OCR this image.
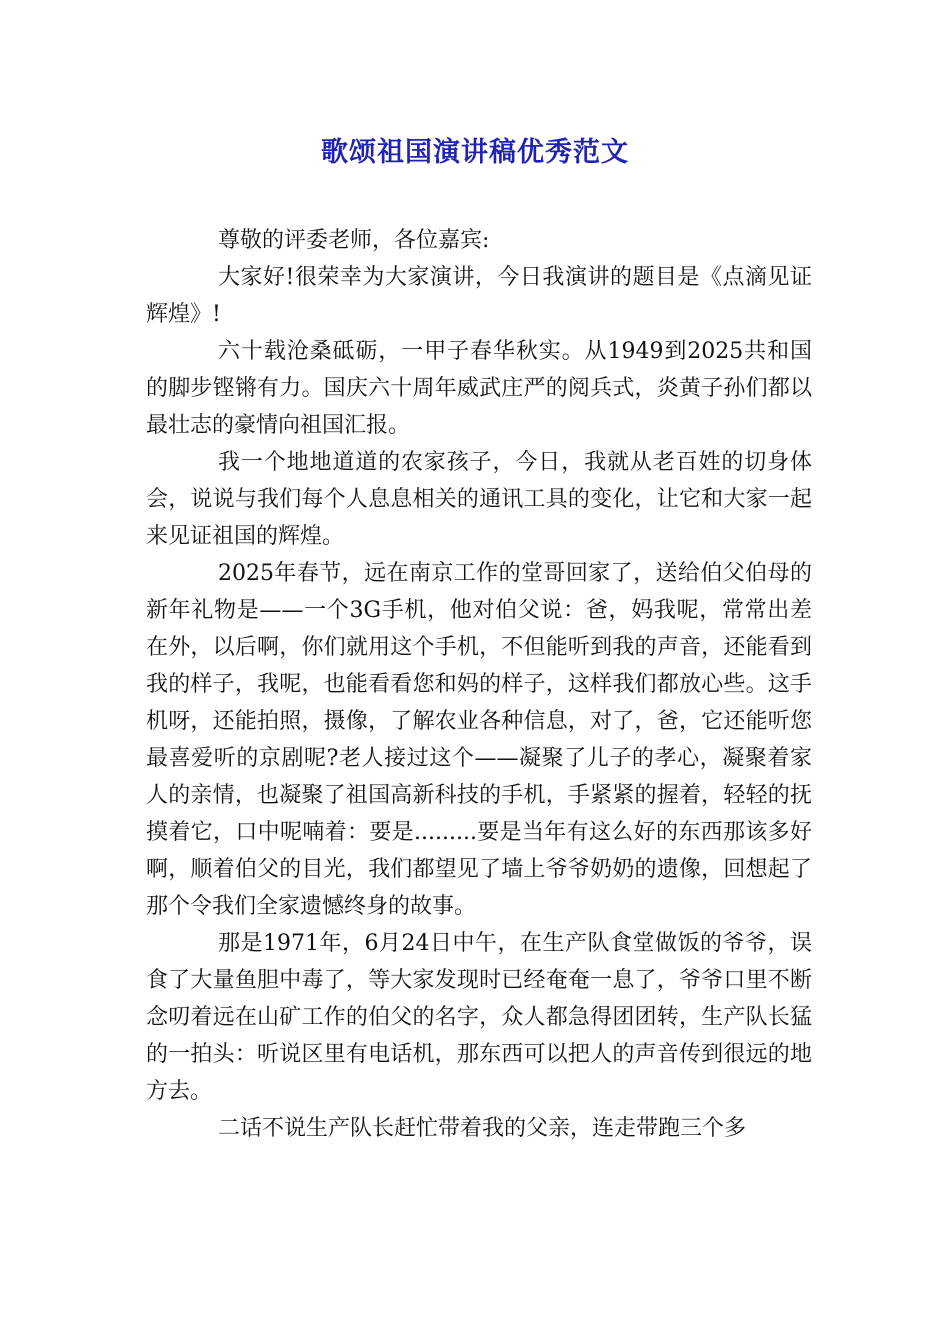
歌颂祖国演讲稿优秀范文

尊敬的评委老师，各位嘉宾:

大家好!很荣幸为大家演讲，今日我演讲的题目是《点滴见证辉煌》!

六十载沧桑砥砺，一甲子春华秋实。从1949到2025共和国的脚步铿锵有力。国庆六十周年威武庄严的阅兵式，炎黄子孙们都以最壮志的豪情向祖国汇报。

我一个地地道道的农家孩子，今日，我就从老百姓的切身体会，说说与我们每个人息息相关的通讯工具的变化，让它和大家一起来见证祖国的辉煌。

2025年春节，远在南京工作的堂哥回家了，送给伯父伯母的新年礼物是——一个3G手机，他对伯父说：爸，妈我呢，常常出差在外，以后啊，你们就用这个手机，不但能听到我的声音，还能看到我的样子，我呢，也能看看您和妈的样子，这样我们都放心些。这手机呀，还能拍照，摄像，了解农业各种信息，对了，爸，它还能听您最喜爱听的京剧呢?老人接过这个——凝聚了儿子的孝心，凝聚着家人的亲情，也凝聚了祖国高新科技的手机，手紧紧的握着，轻轻的抚摸着它，口中呢喃着：要是.........要是当年有这么好的东西那该多好啊，顺着伯父的目光，我们都望见了墙上爷爷奶奶的遗像，回想起了那个令我们全家遗憾终身的故事。

那是1971年，6月24日中午，在生产队食堂做饭的爷爷，误食了大量鱼胆中毒了，等大家发现时已经奄奄一息了，爷爷口里不断念叨着远在山矿工作的伯父的名字，众人都急得团团转，生产队长猛的一拍头：听说区里有电话机，那东西可以把人的声音传到很远的地方去。

二话不说生产队长赶忙带着我的父亲，连走带跑三个多
